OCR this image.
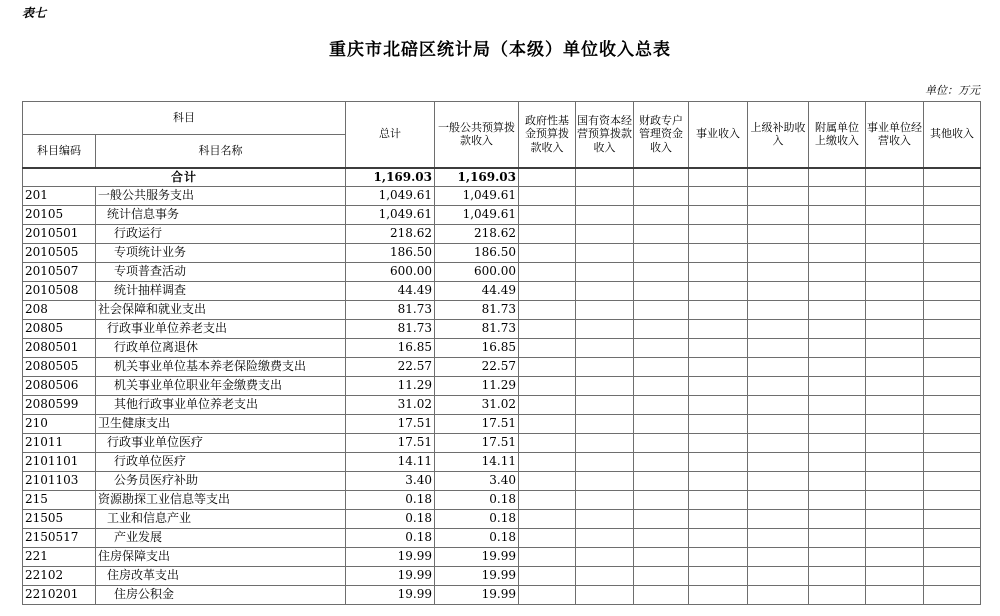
表七
重庆市北碚区统计局（本级）单位收入总表
单位：万元
科目		总计	一般公共预算拨款收入	政府性基金预算拨款收入	国有资本经营预算拨款收入	财政专户管理资金收入	事业收入	上级补助收入	附属单位上缴收入	事业单位经营收入	其他收入
科目编码	科目名称										
合计		1,169.03	1,169.03								
201	一般公共服务支出	1,049.61	1,049.61								
20105	统计信息事务	1,049.61	1,049.61								
2010501	行政运行	218.62	218.62								
2010505	专项统计业务	186.50	186.50								
2010507	专项普查活动	600.00	600.00								
2010508	统计抽样调查	44.49	44.49								
208	社会保障和就业支出	81.73	81.73								
20805	行政事业单位养老支出	81.73	81.73								
2080501	行政单位离退休	16.85	16.85								
2080505	机关事业单位基本养老保险缴费支出	22.57	22.57								
2080506	机关事业单位职业年金缴费支出	11.29	11.29								
2080599	其他行政事业单位养老支出	31.02	31.02								
210	卫生健康支出	17.51	17.51								
21011	行政事业单位医疗	17.51	17.51								
2101101	行政单位医疗	14.11	14.11								
2101103	公务员医疗补助	3.40	3.40								
215	资源勘探工业信息等支出	0.18	0.18								
21505	工业和信息产业	0.18	0.18								
2150517	产业发展	0.18	0.18								
221	住房保障支出	19.99	19.99								
22102	住房改革支出	19.99	19.99								
2210201	住房公积金	19.99	19.99								
